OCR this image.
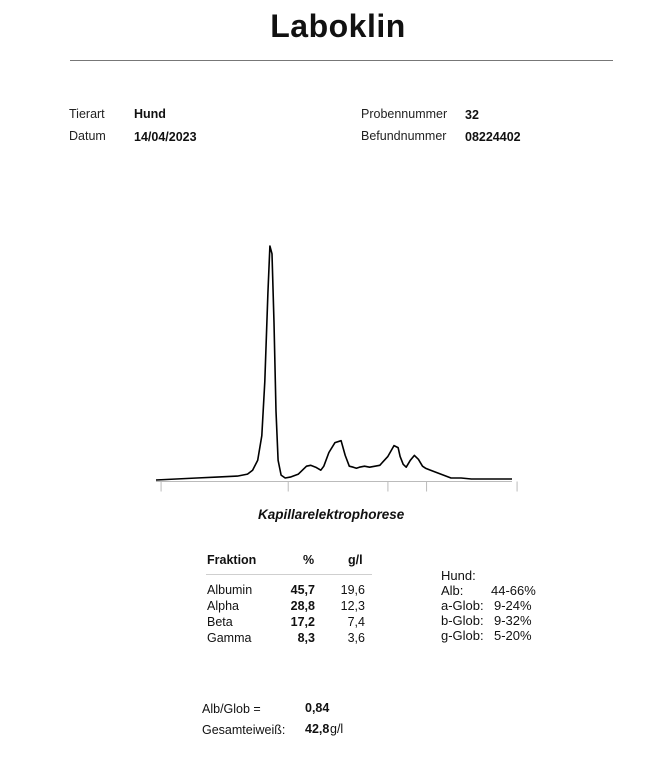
Laboklin
Tierart Hund
Datum 14/04/2023
Probennummer 32
Befundnummer 08224402
Kapillarelektrophorese
Fraktion	%	g/l
Albumin	45,7	19,6
Alpha	28,8	12,3
Beta	17,2	7,4
Gamma	8,3	3,6
Hund:
Alb: 44-66%
a-Glob: 9-24%
b-Glob: 9-32%
g-Glob: 5-20%
Alb/Glob =	0,84
Gesamteiweiß: 42,8 g/l
